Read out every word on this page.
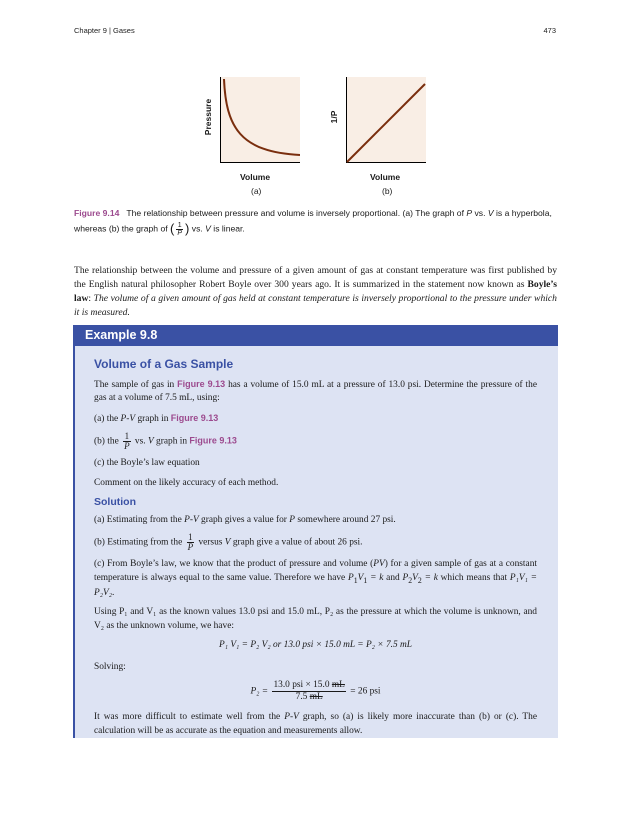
Chapter 9 | Gases	473
Pressure
Volume
(a)
1/P
Volume
(b)
Figure 9.14 The relationship between pressure and volume is inversely proportional. (a) The graph of P vs. V is a hyperbola, whereas (b) the graph of ( $\frac{1}{P}$ ) vs. V is linear.
The relationship between the volume and pressure of a given amount of gas at constant temperature was first published by the English natural philosopher Robert Boyle over 300 years ago. It is summarized in the statement now known as Boyle’s law: The volume of a given amount of gas held at constant temperature is inversely proportional to the pressure under which it is measured.
Example 9.8
Volume of a Gas Sample

The sample of gas in Figure 9.13 has a volume of 15.0 mL at a pressure of 13.0 psi. Determine the pressure of the gas at a volume of 7.5 mL, using:

(a) the P-V graph in Figure 9.13

(b) the $\frac{1}{P}$ vs. V graph in Figure 9.13

(c) the Boyle’s law equation

Comment on the likely accuracy of each method.

Solution

(a) Estimating from the P-V graph gives a value for P somewhere around 27 psi.

(b) Estimating from the $\frac{1}{P}$ versus V graph give a value of about 26 psi.

(c) From Boyle’s law, we know that the product of pressure and volume (PV) for a given sample of gas at a constant temperature is always equal to the same value. Therefore we have $P_1V_1 = k$ and $P_2V_2 = k$ which means that P₁V₁ = P₂V₂.

Using P₁ and V₁ as the known values 13.0 psi and 15.0 mL, P₂ as the pressure at which the volume is unknown, and V₂ as the unknown volume, we have:

P₁ V₁ = P₂ V₂ or 13.0 psi × 15.0 mL = P₂ × 7.5 mL

Solving:

$P_2 = \frac{\text{13.0 psi × 15.0 mL}}{7.5 mL} = 26$ psi

It was more difficult to estimate well from the P-V graph, so (a) is likely more inaccurate than (b) or (c). The calculation will be as accurate as the equation and measurements allow.
